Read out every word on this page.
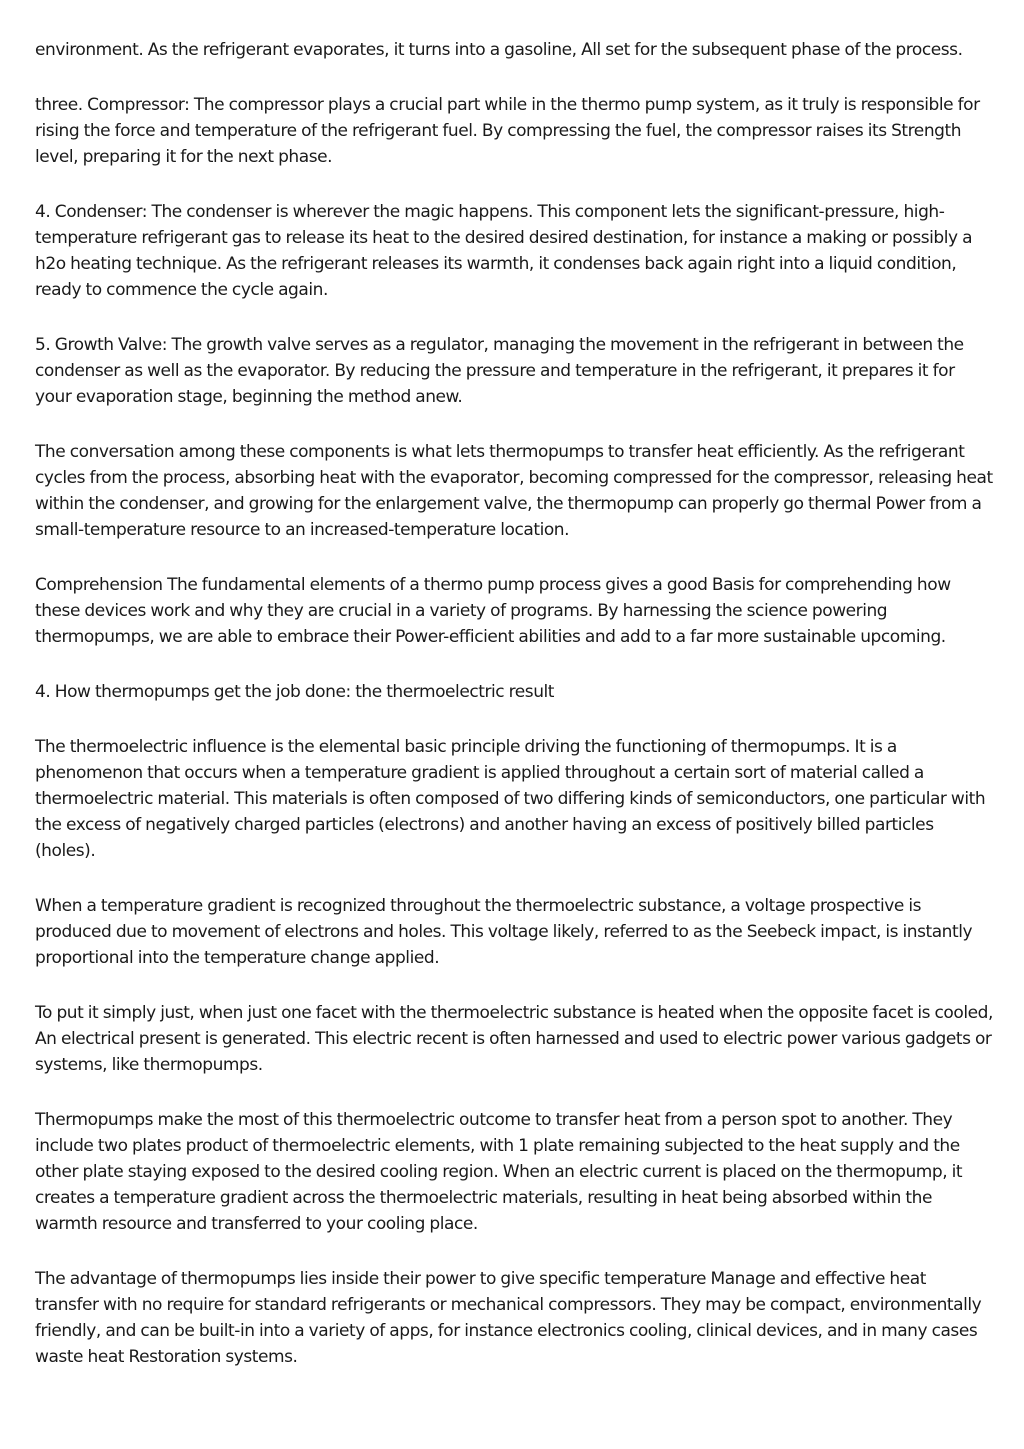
environment. As the refrigerant evaporates, it turns into a gasoline, All set for the subsequent phase of the process.

three. Compressor: The compressor plays a crucial part while in the thermo pump system, as it truly is responsible for rising the force and temperature of the refrigerant fuel. By compressing the fuel, the compressor raises its Strength level, preparing it for the next phase.

4. Condenser: The condenser is wherever the magic happens. This component lets the significant-pressure, high-temperature refrigerant gas to release its heat to the desired desired destination, for instance a making or possibly a h2o heating technique. As the refrigerant releases its warmth, it condenses back again right into a liquid condition, ready to commence the cycle again.

5. Growth Valve: The growth valve serves as a regulator, managing the movement in the refrigerant in between the condenser as well as the evaporator. By reducing the pressure and temperature in the refrigerant, it prepares it for your evaporation stage, beginning the method anew.

The conversation among these components is what lets thermopumps to transfer heat efficiently. As the refrigerant cycles from the process, absorbing heat with the evaporator, becoming compressed for the compressor, releasing heat within the condenser, and growing for the enlargement valve, the thermopump can properly go thermal Power from a small-temperature resource to an increased-temperature location.

Comprehension The fundamental elements of a thermo pump process gives a good Basis for comprehending how these devices work and why they are crucial in a variety of programs. By harnessing the science powering thermopumps, we are able to embrace their Power-efficient abilities and add to a far more sustainable upcoming.

4. How thermopumps get the job done: the thermoelectric result

The thermoelectric influence is the elemental basic principle driving the functioning of thermopumps. It is a phenomenon that occurs when a temperature gradient is applied throughout a certain sort of material called a thermoelectric material. This materials is often composed of two differing kinds of semiconductors, one particular with the excess of negatively charged particles (electrons) and another having an excess of positively billed particles (holes).

When a temperature gradient is recognized throughout the thermoelectric substance, a voltage prospective is produced due to movement of electrons and holes. This voltage likely, referred to as the Seebeck impact, is instantly proportional into the temperature change applied.

To put it simply just, when just one facet with the thermoelectric substance is heated when the opposite facet is cooled, An electrical present is generated. This electric recent is often harnessed and used to electric power various gadgets or systems, like thermopumps.

Thermopumps make the most of this thermoelectric outcome to transfer heat from a person spot to another. They include two plates product of thermoelectric elements, with 1 plate remaining subjected to the heat supply and the other plate staying exposed to the desired cooling region. When an electric current is placed on the thermopump, it creates a temperature gradient across the thermoelectric materials, resulting in heat being absorbed within the warmth resource and transferred to your cooling place.

The advantage of thermopumps lies inside their power to give specific temperature Manage and effective heat transfer with no require for standard refrigerants or mechanical compressors. They may be compact, environmentally friendly, and can be built-in into a variety of apps, for instance electronics cooling, clinical devices, and in many cases waste heat Restoration systems.
